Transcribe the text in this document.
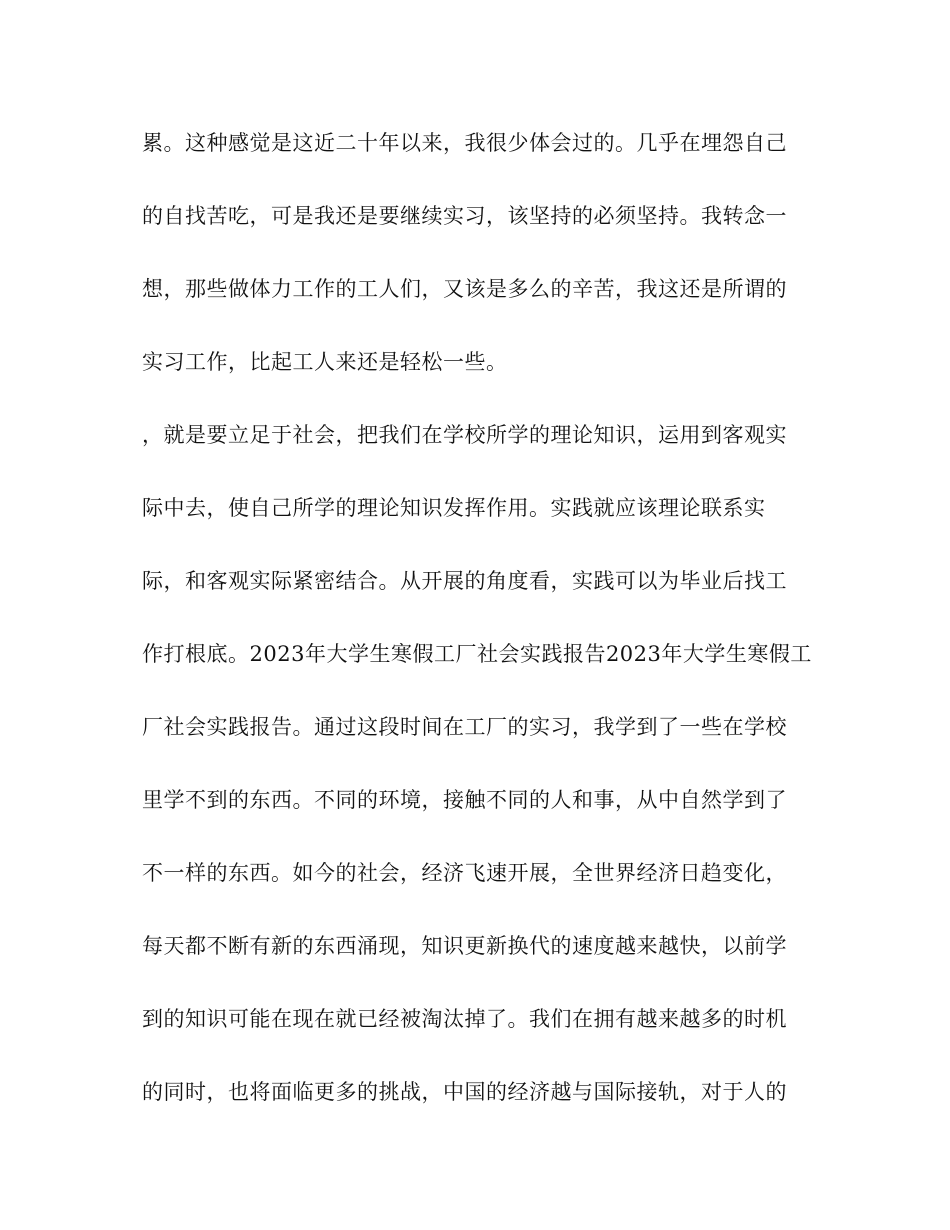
累。这种感觉是这近二十年以来，我很少体会过的。几乎在埋怨自己
的自找苦吃，可是我还是要继续实习，该坚持的必须坚持。我转念一
想，那些做体力工作的工人们，又该是多么的辛苦，我这还是所谓的
实习工作，比起工人来还是轻松一些。
，就是要立足于社会，把我们在学校所学的理论知识，运用到客观实
际中去，使自己所学的理论知识发挥作用。实践就应该理论联系实
际，和客观实际紧密结合。从开展的角度看，实践可以为毕业后找工
作打根底。2023年大学生寒假工厂社会实践报告2023年大学生寒假工
厂社会实践报告。通过这段时间在工厂的实习，我学到了一些在学校
里学不到的东西。不同的环境，接触不同的人和事，从中自然学到了
不一样的东西。如今的社会，经济飞速开展，全世界经济日趋变化，
每天都不断有新的东西涌现，知识更新换代的速度越来越快，以前学
到的知识可能在现在就已经被淘汰掉了。我们在拥有越来越多的时机
的同时，也将面临更多的挑战，中国的经济越与国际接轨，对于人的
